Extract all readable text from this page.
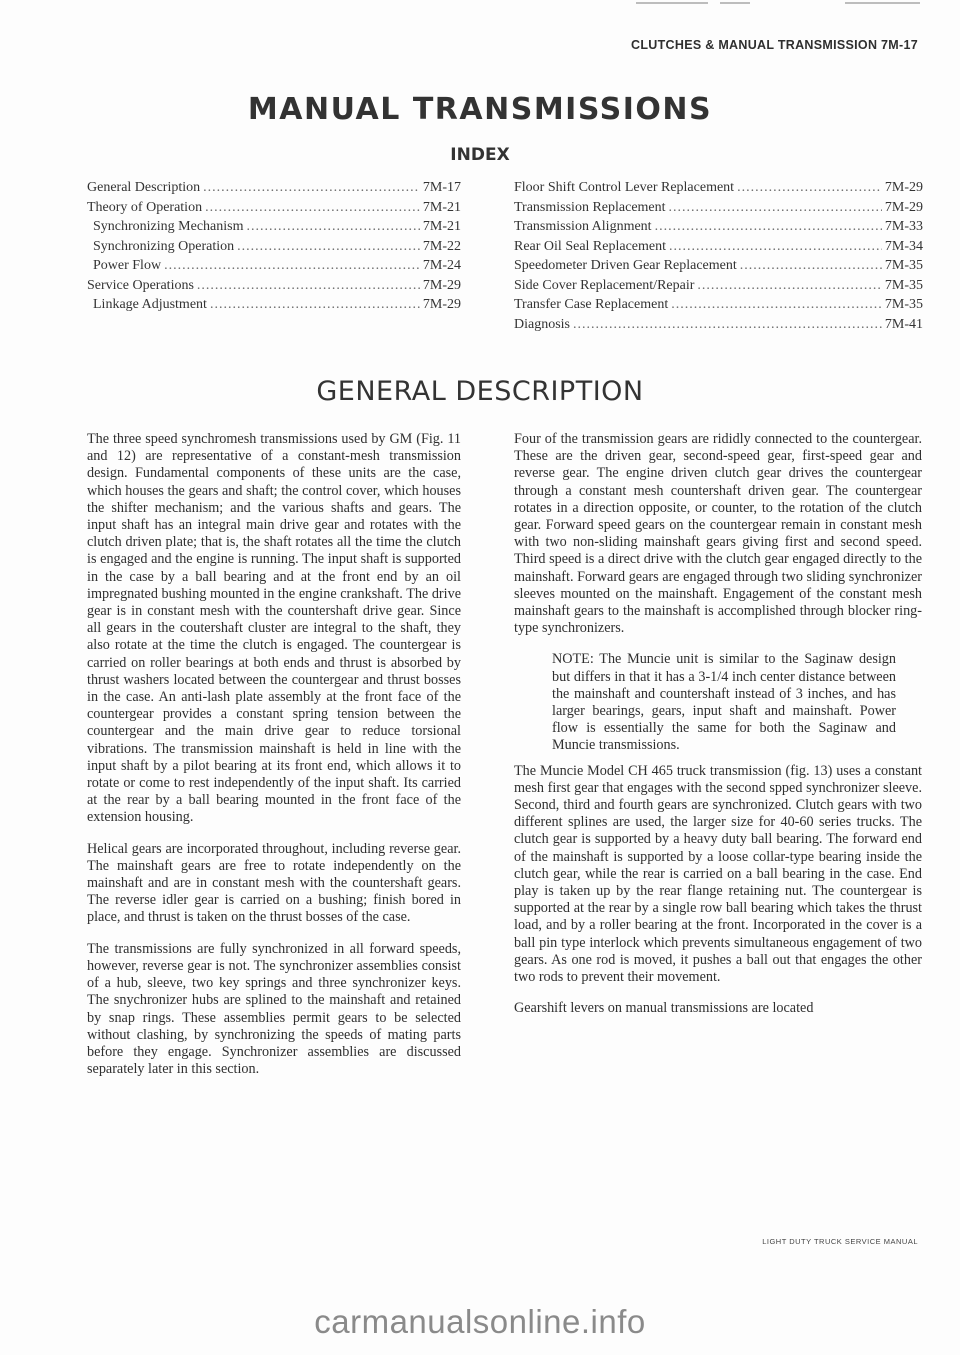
CLUTCHES & MANUAL TRANSMISSION 7M-17
MANUAL TRANSMISSIONS
INDEX
General Description .....	7M-17
Theory of Operation .....	7M-21
Synchronizing Mechanism .....	7M-21
Synchronizing Operation .....	7M-22
Power Flow .....	7M-24
Service Operations .....	7M-29
Linkage Adjustment .....	7M-29
Floor Shift Control Lever Replacement .....	7M-29
Transmission Replacement .....	7M-29
Transmission Alignment .....	7M-33
Rear Oil Seal Replacement .....	7M-34
Speedometer Driven Gear Replacement .....	7M-35
Side Cover Replacement/Repair .....	7M-35
Transfer Case Replacement .....	7M-35
Diagnosis .....	7M-41
GENERAL DESCRIPTION

The three speed synchromesh transmissions used by GM (Fig. 11 and 12) are representative of a constant-mesh transmission design. Fundamental components of these units are the case, which houses the gears and shaft; the control cover, which houses the shifter mechanism; and the various shafts and gears. The input shaft has an integral main drive gear and rotates with the clutch driven plate; that is, the shaft rotates all the time the clutch is engaged and the engine is running. The input shaft is supported in the case by a ball bearing and at the front end by an oil impregnated bushing mounted in the engine crankshaft. The drive gear is in constant mesh with the countershaft drive gear. Since all gears in the coutershaft cluster are integral to the shaft, they also rotate at the time the clutch is engaged. The countergear is carried on roller bearings at both ends and thrust is absorbed by thrust washers located between the countergear and thrust bosses in the case. An anti-lash plate assembly at the front face of the countergear provides a constant spring tension between the countergear and the main drive gear to reduce torsional vibrations. The transmission mainshaft is held in line with the input shaft by a pilot bearing at its front end, which allows it to rotate or come to rest independently of the input shaft. Its carried at the rear by a ball bearing mounted in the front face of the extension housing.

Helical gears are incorporated throughout, including reverse gear. The mainshaft gears are free to rotate independently on the mainshaft and are in constant mesh with the countershaft gears. The reverse idler gear is carried on a bushing; finish bored in place, and thrust is taken on the thrust bosses of the case.

The transmissions are fully synchronized in all forward speeds, however, reverse gear is not. The synchronizer assemblies consist of a hub, sleeve, two key springs and three synchronizer keys. The snychronizer hubs are splined to the mainshaft and retained by snap rings. These assemblies permit gears to be selected without clashing, by synchronizing the speeds of mating parts before they engage. Synchronizer assemblies are discussed separately later in this section.

Four of the transmission gears are rididly connected to the countergear. These are the driven gear, second-speed gear, first-speed gear and reverse gear. The engine driven clutch gear drives the countergear through a constant mesh countershaft driven gear. The countergear rotates in a direction opposite, or counter, to the rotation of the clutch gear. Forward speed gears on the countergear remain in constant mesh with two non-sliding mainshaft gears giving first and second speed. Third speed is a direct drive with the clutch gear engaged directly to the mainshaft. Forward gears are engaged through two sliding synchronizer sleeves mounted on the mainshaft. Engagement of the constant mesh mainshaft gears to the mainshaft is accomplished through blocker ring-type synchronizers.

NOTE: The Muncie unit is similar to the Saginaw design but differs in that it has a 3-1/4 inch center distance between the mainshaft and countershaft instead of 3 inches, and has larger bearings, gears, input shaft and mainshaft. Power flow is essentially the same for both the Saginaw and Muncie transmissions.

The Muncie Model CH 465 truck transmission (fig. 13) uses a constant mesh first gear that engages with the second spped synchronizer sleeve. Second, third and fourth gears are synchronized. Clutch gears with two different splines are used, the larger size for 40-60 series trucks. The clutch gear is supported by a heavy duty ball bearing. The forward end of the mainshaft is supported by a loose collar-type bearing inside the clutch gear, while the rear is carried on a ball bearing in the case. End play is taken up by the rear flange retaining nut. The countergear is supported at the rear by a single row ball bearing which takes the thrust load, and by a roller bearing at the front. Incorporated in the cover is a ball pin type interlock which prevents simultaneous engagement of two gears. As one rod is moved, it pushes a ball out that engages the other two rods to prevent their movement.

Gearshift levers on manual transmissions are located

LIGHT DUTY TRUCK SERVICE MANUAL
carmanualsonline.info
